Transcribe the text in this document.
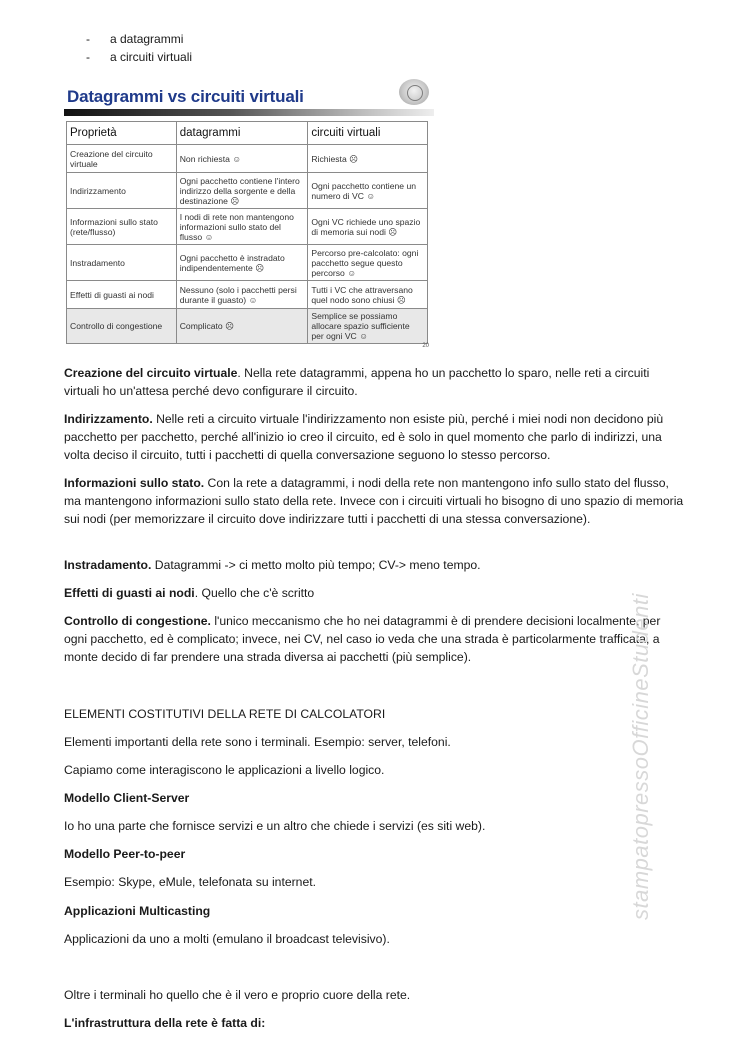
-	a datagrammi
-	a circuiti virtuali
Datagrammi vs circuiti virtuali
Proprietà	datagrammi	circuiti virtuali
Creazione del circuito virtuale	Non richiesta ☺	Richiesta ☹
Indirizzamento	Ogni pacchetto contiene l'intero indirizzo della sorgente e della destinazione ☹	Ogni pacchetto contiene un numero di VC ☺
Informazioni sullo stato (rete/flusso)	I nodi di rete non mantengono informazioni sullo stato del flusso ☺	Ogni VC richiede uno spazio di memoria sui nodi ☹
Instradamento	Ogni pacchetto è instradato indipendentemente ☹	Percorso pre-calcolato: ogni pacchetto segue questo percorso ☺
Effetti di guasti ai nodi	Nessuno (solo i pacchetti persi durante il guasto) ☺	Tutti i VC che attraversano quel nodo sono chiusi ☹
Controllo di congestione	Complicato ☹	Semplice se possiamo allocare spazio sufficiente per ogni VC ☺
20
Creazione del circuito virtuale. Nella rete datagrammi, appena ho un pacchetto lo sparo, nelle reti a circuiti virtuali ho un'attesa perché devo configurare il circuito.
Indirizzamento. Nelle reti a circuito virtuale l'indirizzamento non esiste più, perché i miei nodi non decidono più pacchetto per pacchetto, perché all'inizio io creo il circuito, ed è solo in quel momento che parlo di indirizzi, una volta deciso il circuito, tutti i pacchetti di quella conversazione seguono lo stesso percorso.
Informazioni sullo stato. Con la rete a datagrammi, i nodi della rete non mantengono info sullo stato del flusso, ma mantengono informazioni sullo stato della rete. Invece con i circuiti virtuali ho bisogno di uno spazio di memoria sui nodi (per memorizzare il circuito dove indirizzare tutti i pacchetti di una stessa conversazione).
Instradamento. Datagrammi -> ci metto molto più tempo; CV-> meno tempo.
Effetti di guasti ai nodi. Quello che c'è scritto
Controllo di congestione. l'unico meccanismo che ho nei datagrammi è di prendere decisioni localmente, per ogni pacchetto, ed è complicato; invece, nei CV, nel caso io veda che una strada è particolarmente trafficata, a monte decido di far prendere una strada diversa ai pacchetti (più semplice).
ELEMENTI COSTITUTIVI DELLA RETE DI CALCOLATORI
Elementi importanti della rete sono i terminali. Esempio: server, telefoni.
Capiamo come interagiscono le applicazioni a livello logico.
Modello Client-Server
Io ho una parte che fornisce servizi e un altro che chiede i servizi (es siti web).
Modello Peer-to-peer
Esempio: Skype, eMule, telefonata su internet.
Applicazioni Multicasting
Applicazioni da uno a molti (emulano il broadcast televisivo).
Oltre i terminali ho quello che è il vero e proprio cuore della rete.
L'infrastruttura della rete è fatta di:
stampatopressoOfficineStudenti
